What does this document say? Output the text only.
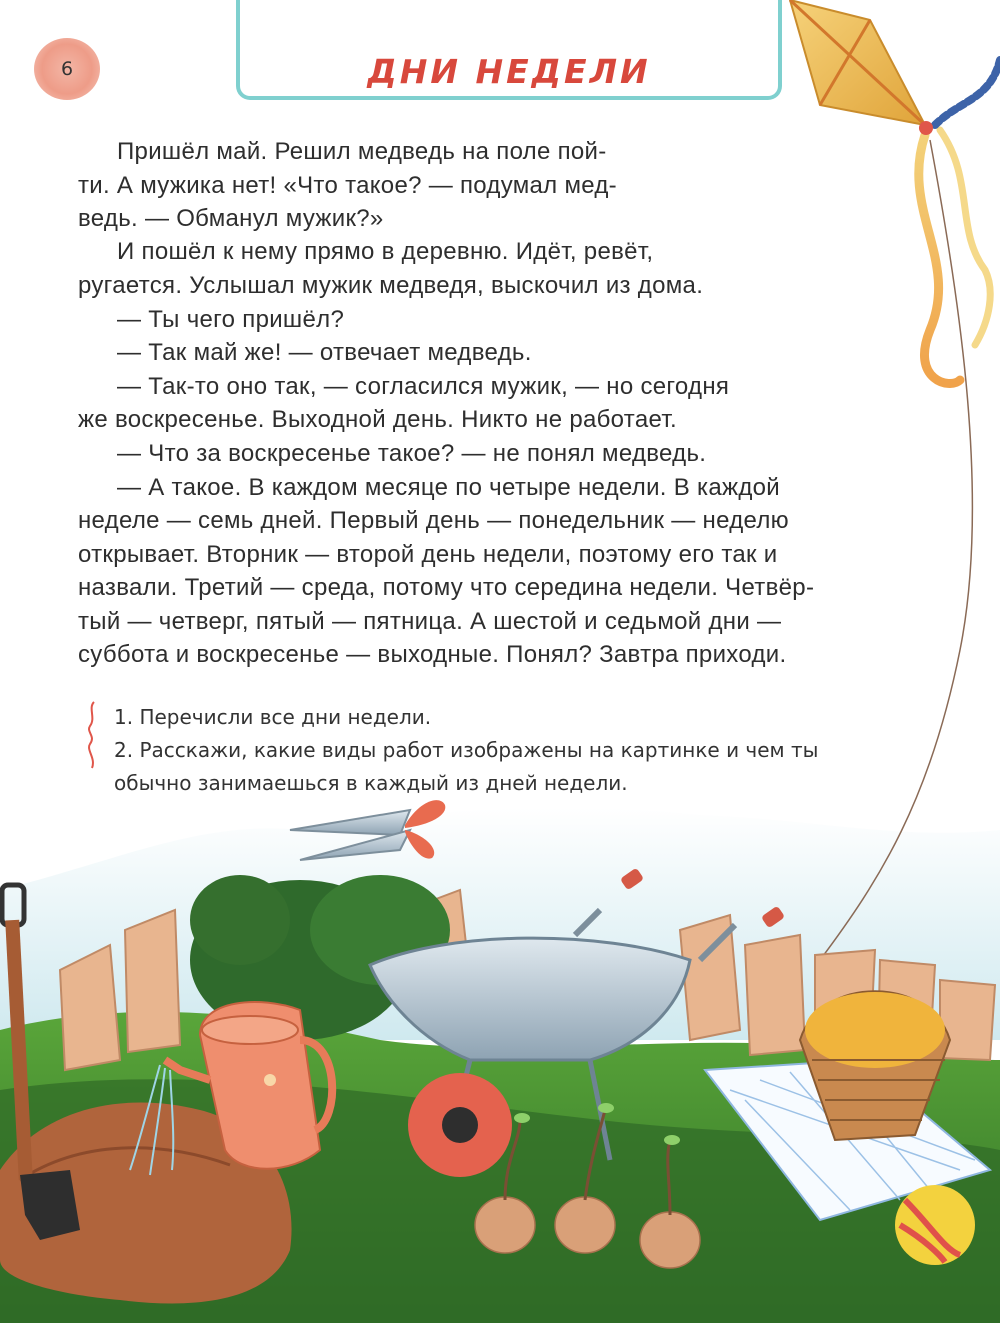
6	ДНИ НЕДЕЛИ
Пришёл май. Решил медведь на поле пой-
ти. А мужика нет! «Что такое? — подумал мед-
ведь. — Обманул мужик?»
И пошёл к нему прямо в деревню. Идёт, ревёт,
ругается. Услышал мужик медведя, выскочил из дома.
— Ты чего пришёл?
— Так май же! — отвечает медведь.
— Так-то оно так, — согласился мужик, — но сегодня
же воскресенье. Выходной день. Никто не работает.
— Что за воскресенье такое? — не понял медведь.
— А такое. В каждом месяце по четыре недели. В каждой
неделе — семь дней. Первый день — понедельник — неделю
открывает. Вторник — второй день недели, поэтому его так и
назвали. Третий — среда, потому что середина недели. Четвёр-
тый — четверг, пятый — пятница. А шестой и седьмой дни —
суббота и воскресенье — выходные. Понял? Завтра приходи.
1. Перечисли все дни недели.
2. Расскажи, какие виды работ изображены на картинке и чем ты
обычно занимаешься в каждый из дней недели.
